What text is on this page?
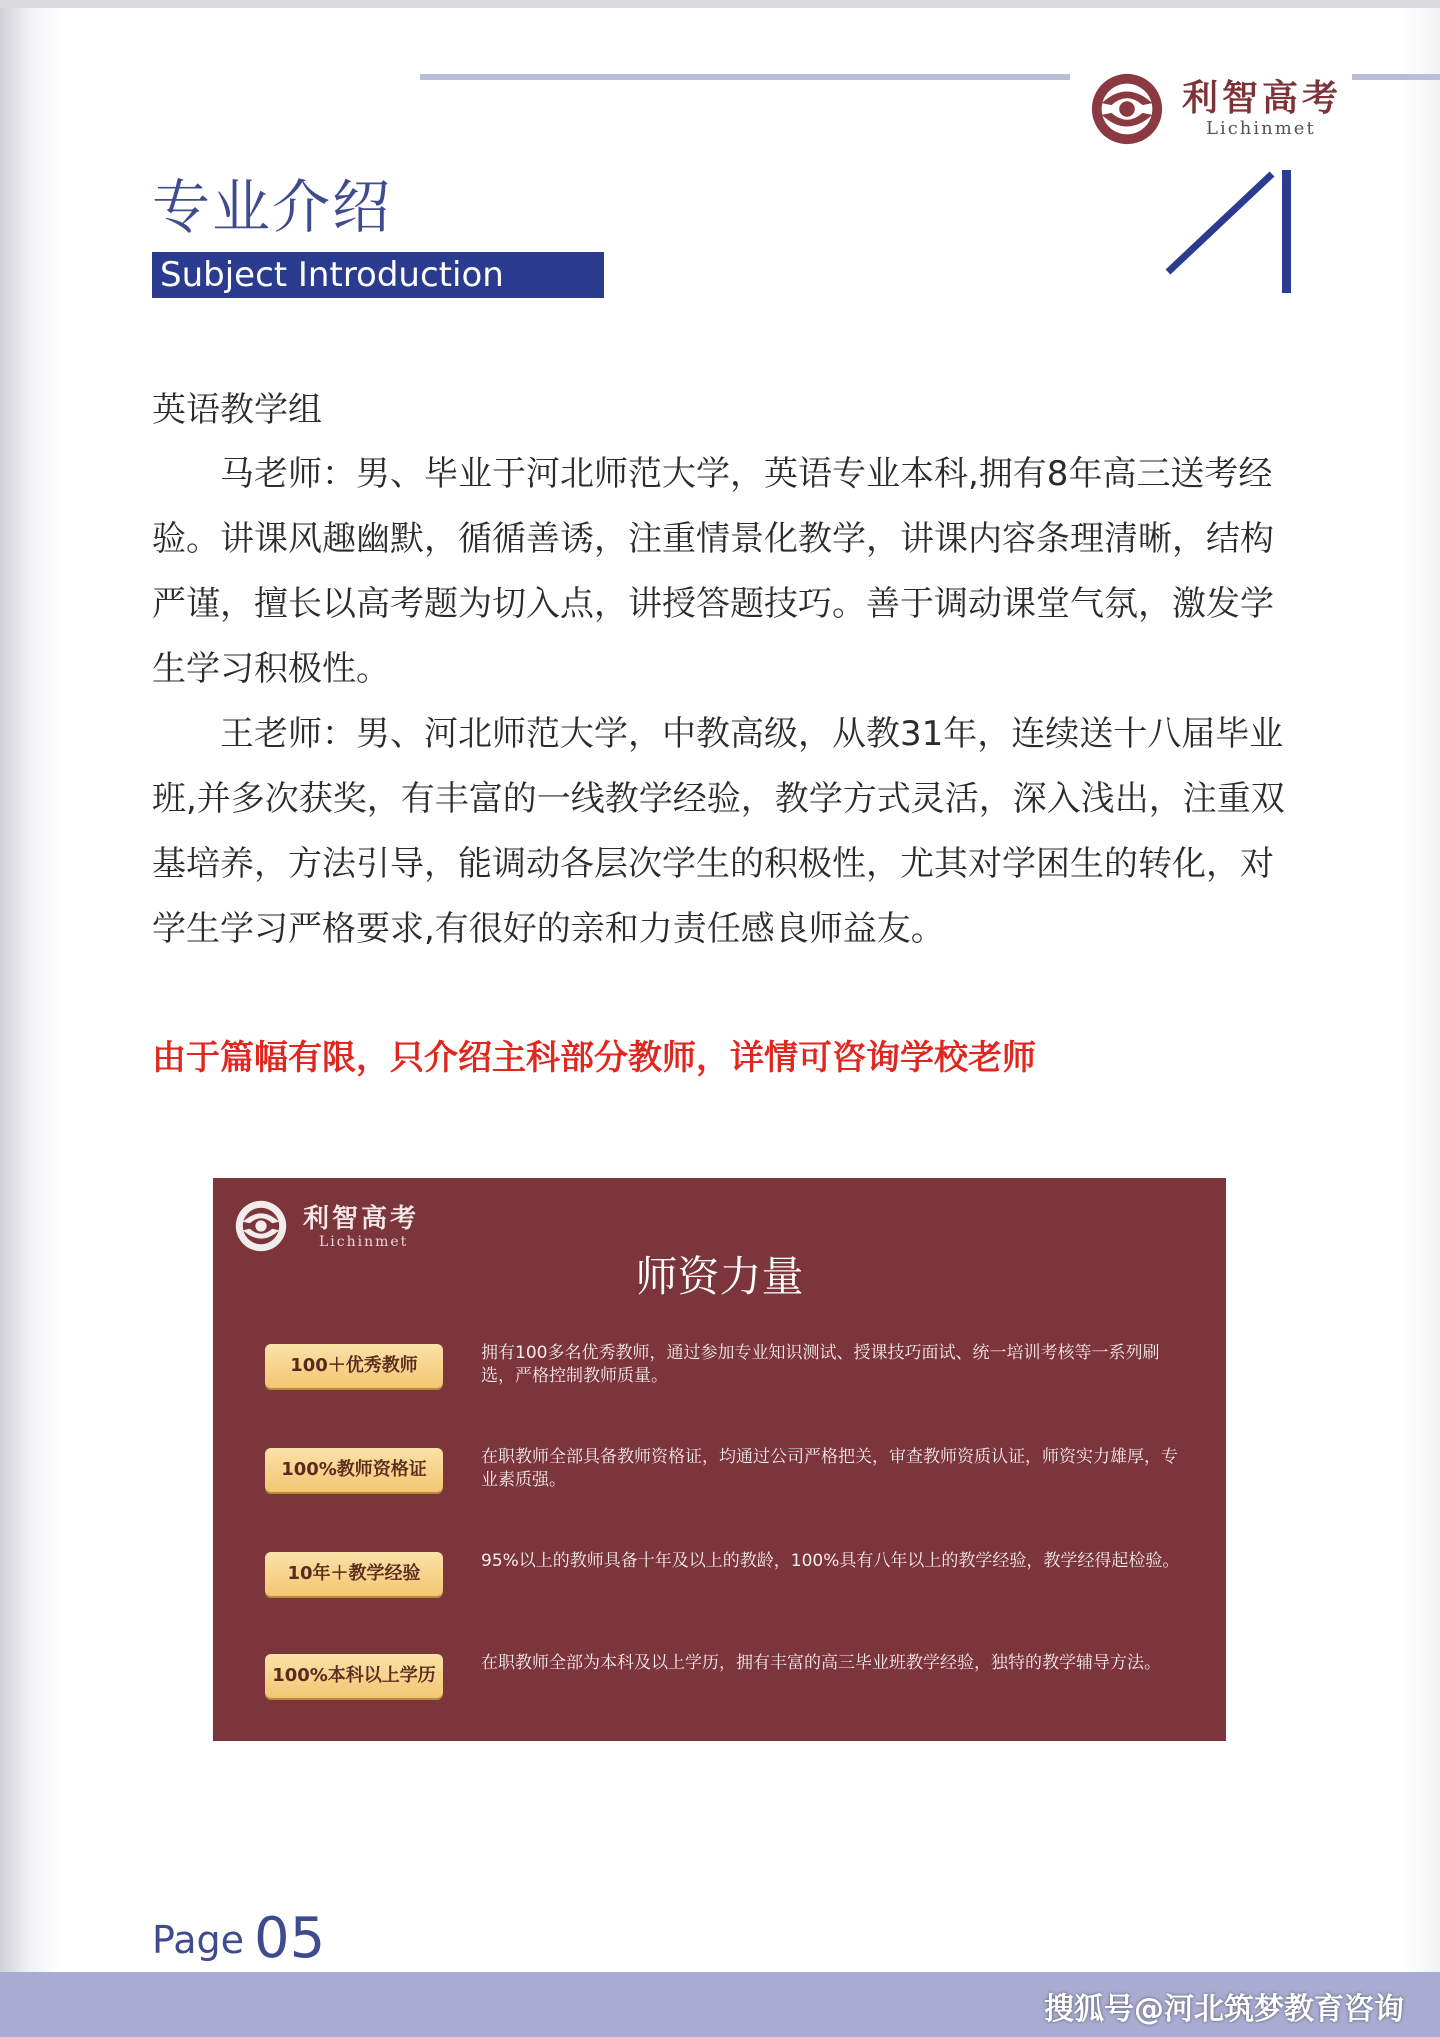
利智高考
Lichinmet
专业介绍
Subject Introduction

英语教学组

马老师：男、毕业于河北师范大学，英语专业本科,拥有8年高三送考经验。讲课风趣幽默，循循善诱，注重情景化教学，讲课内容条理清晰，结构严谨，擅长以高考题为切入点，讲授答题技巧。善于调动课堂气氛，激发学生学习积极性。

王老师：男、河北师范大学，中教高级，从教31年，连续送十八届毕业班,并多次获奖，有丰富的一线教学经验，教学方式灵活，深入浅出，注重双基培养，方法引导，能调动各层次学生的积极性，尤其对学困生的转化，对学生学习严格要求,有很好的亲和力责任感良师益友。

由于篇幅有限，只介绍主科部分教师，详情可咨询学校老师
利智高考
Lichinmet
师资力量
100＋优秀教师
拥有100多名优秀教师，通过参加专业知识测试、授课技巧面试、统一培训考核等一系列刷选，严格控制教师质量。
100%教师资格证
在职教师全部具备教师资格证，均通过公司严格把关，审查教师资质认证，师资实力雄厚，专业素质强。
10年＋教学经验
95%以上的教师具备十年及以上的教龄，100%具有八年以上的教学经验，教学经得起检验。
100%本科以上学历
在职教师全部为本科及以上学历，拥有丰富的高三毕业班教学经验，独特的教学辅导方法。
Page 05
搜狐号@河北筑梦教育咨询
